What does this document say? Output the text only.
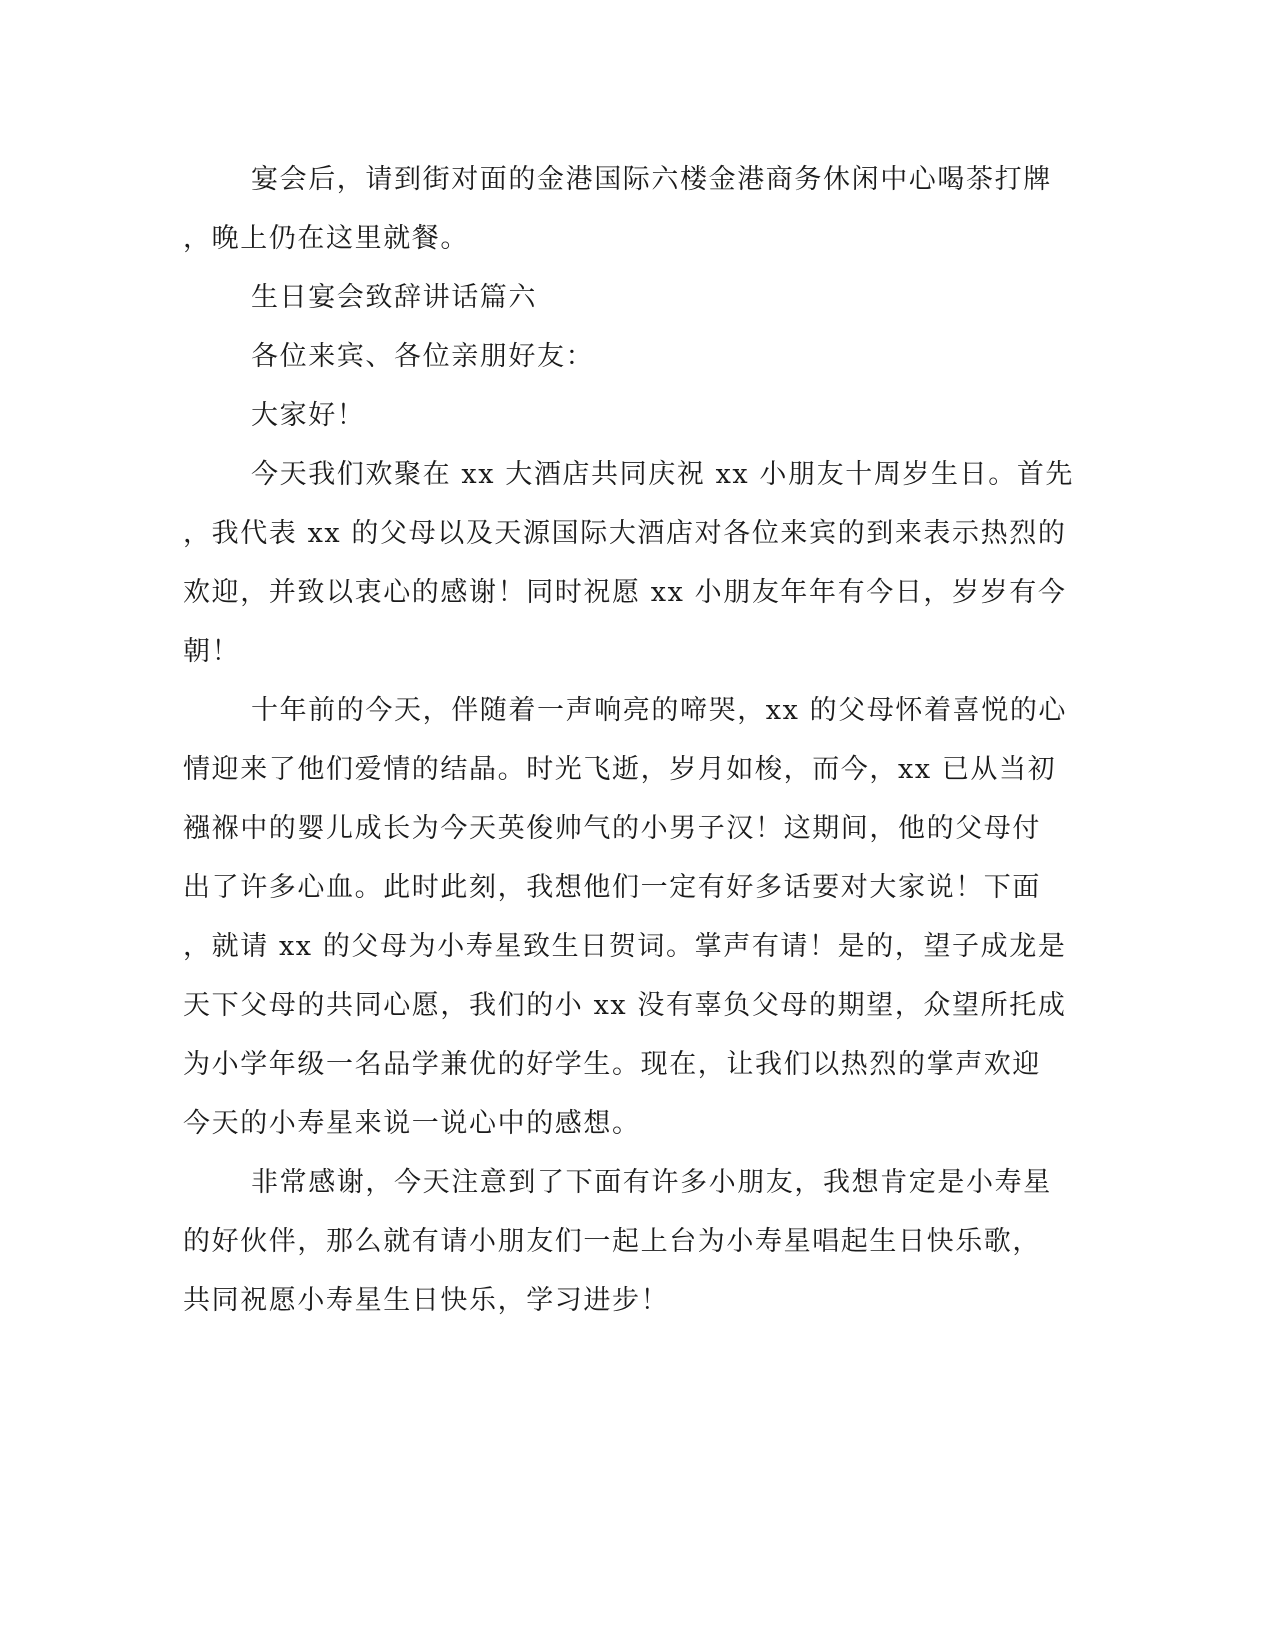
宴会后，请到街对面的金港国际六楼金港商务休闲中心喝茶打牌
，晚上仍在这里就餐。
生日宴会致辞讲话篇六
各位来宾、各位亲朋好友：
大家好！
今天我们欢聚在 xx 大酒店共同庆祝 xx 小朋友十周岁生日。首先
，我代表 xx 的父母以及天源国际大酒店对各位来宾的到来表示热烈的
欢迎，并致以衷心的感谢！同时祝愿 xx 小朋友年年有今日，岁岁有今
朝！
十年前的今天，伴随着一声响亮的啼哭，xx 的父母怀着喜悦的心
情迎来了他们爱情的结晶。时光飞逝，岁月如梭，而今，xx 已从当初
襁褓中的婴儿成长为今天英俊帅气的小男子汉！这期间，他的父母付
出了许多心血。此时此刻，我想他们一定有好多话要对大家说！下面
，就请 xx 的父母为小寿星致生日贺词。掌声有请！是的，望子成龙是
天下父母的共同心愿，我们的小 xx 没有辜负父母的期望，众望所托成
为小学年级一名品学兼优的好学生。现在，让我们以热烈的掌声欢迎
今天的小寿星来说一说心中的感想。
非常感谢，今天注意到了下面有许多小朋友，我想肯定是小寿星
的好伙伴，那么就有请小朋友们一起上台为小寿星唱起生日快乐歌，
共同祝愿小寿星生日快乐，学习进步！
